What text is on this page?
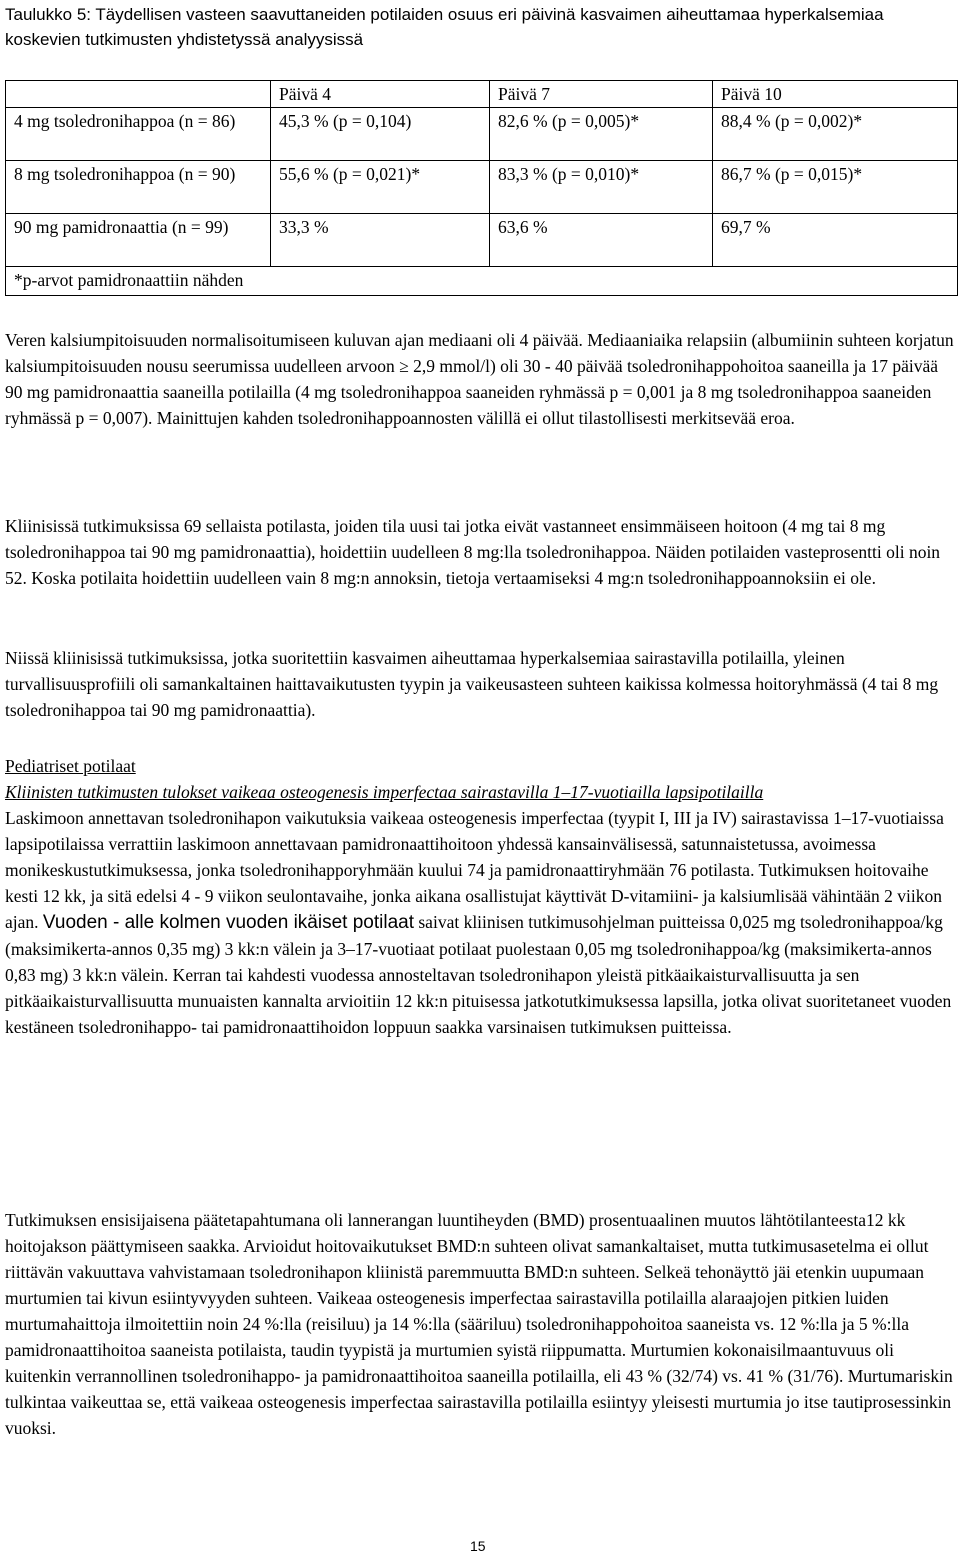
Taulukko 5: Täydellisen vasteen saavuttaneiden potilaiden osuus eri päivinä kasvaimen aiheuttamaa hyperkalsemiaa koskevien tutkimusten yhdistetyssä analyysissä
	Päivä 4	Päivä 7	Päivä 10
4 mg tsoledronihappoa (n = 86)	45,3 % (p = 0,104)	82,6 % (p = 0,005)*	88,4 % (p = 0,002)*
8 mg tsoledronihappoa (n = 90)	55,6 % (p = 0,021)*	83,3 % (p = 0,010)*	86,7 % (p = 0,015)*
90 mg pamidronaattia (n = 99)	33,3 %	63,6 %	69,7 %
*p-arvot pamidronaattiin nähden			
Veren kalsiumpitoisuuden normalisoitumiseen kuluvan ajan mediaani oli 4 päivää. Mediaaniaika relapsiin (albumiinin suhteen korjatun kalsiumpitoisuuden nousu seerumissa uudelleen arvoon ≥ 2,9 mmol/l) oli 30 - 40 päivää tsoledronihappohoitoa saaneilla ja 17 päivää 90 mg pamidronaattia saaneilla potilailla (4 mg tsoledronihappoa saaneiden ryhmässä p = 0,001 ja 8 mg tsoledronihappoa saaneiden ryhmässä p = 0,007). Mainittujen kahden tsoledronihappoannosten välillä ei ollut tilastollisesti merkitsevää eroa.
Kliinisissä tutkimuksissa 69 sellaista potilasta, joiden tila uusi tai jotka eivät vastanneet ensimmäiseen hoitoon (4 mg tai 8 mg tsoledronihappoa tai 90 mg pamidronaattia), hoidettiin uudelleen 8 mg:lla tsoledronihappoa. Näiden potilaiden vasteprosentti oli noin 52. Koska potilaita hoidettiin uudelleen vain 8 mg:n annoksin, tietoja vertaamiseksi 4 mg:n tsoledronihappoannoksiin ei ole.
Niissä kliinisissä tutkimuksissa, jotka suoritettiin kasvaimen aiheuttamaa hyperkalsemiaa sairastavilla potilailla, yleinen turvallisuusprofiili oli samankaltainen haittavaikutusten tyypin ja vaikeusasteen suhteen kaikissa kolmessa hoitoryhmässä (4 tai 8 mg tsoledronihappoa tai 90 mg pamidronaattia).
Pediatriset potilaat
Kliinisten tutkimusten tulokset vaikeaa osteogenesis imperfectaa sairastavilla 1–17-vuotiailla lapsipotilailla
Laskimoon annettavan tsoledronihapon vaikutuksia vaikeaa osteogenesis imperfectaa (tyypit I, III ja IV) sairastavissa 1–17-vuotiaissa lapsipotilaissa verrattiin laskimoon annettavaan pamidronaattihoitoon yhdessä kansainvälisessä, satunnaistetussa, avoimessa monikeskustutkimuksessa, jonka tsoledronihapporyhmään kuului 74 ja pamidronaattiryhmään 76 potilasta. Tutkimuksen hoitovaihe kesti 12 kk, ja sitä edelsi 4 - 9 viikon seulontavaihe, jonka aikana osallistujat käyttivät D-vitamiini- ja kalsiumlisää vähintään 2 viikon ajan. Vuoden - alle kolmen vuoden ikäiset potilaat saivat kliinisen tutkimusohjelman puitteissa 0,025 mg tsoledronihappoa/kg (maksimikerta-annos 0,35 mg) 3 kk:n välein ja 3–17-vuotiaat potilaat puolestaan 0,05 mg tsoledronihappoa/kg (maksimikerta-annos 0,83 mg) 3 kk:n välein. Kerran tai kahdesti vuodessa annosteltavan tsoledronihapon yleistä pitkäaikaisturvallisuutta ja sen pitkäaikaisturvallisuutta munuaisten kannalta arvioitiin 12 kk:n pituisessa jatkotutkimuksessa lapsilla, jotka olivat suoritetaneet vuoden kestäneen tsoledronihappo- tai pamidronaattihoidon loppuun saakka varsinaisen tutkimuksen puitteissa.
Tutkimuksen ensisijaisena päätetapahtumana oli lannerangan luuntiheyden (BMD) prosentuaalinen muutos lähtötilanteesta12 kk hoitojakson päättymiseen saakka. Arvioidut hoitovaikutukset BMD:n suhteen olivat samankaltaiset, mutta tutkimusasetelma ei ollut riittävän vakuuttava vahvistamaan tsoledronihapon kliinistä paremmuutta BMD:n suhteen. Selkeä tehonäyttö jäi etenkin uupumaan murtumien tai kivun esiintyvyyden suhteen. Vaikeaa osteogenesis imperfectaa sairastavilla potilailla alaraajojen pitkien luiden murtumahaittoja ilmoitettiin noin 24 %:lla (reisiluu) ja 14 %:lla (sääriluu) tsoledronihappohoitoa saaneista vs. 12 %:lla ja 5 %:lla pamidronaattihoitoa saaneista potilaista, taudin tyypistä ja murtumien syistä riippumatta. Murtumien kokonaisilmaantuvuus oli kuitenkin verrannollinen tsoledronihappo- ja pamidronaattihoitoa saaneilla potilailla, eli 43 % (32/74) vs. 41 % (31/76). Murtumariskin tulkintaa vaikeuttaa se, että vaikeaa osteogenesis imperfectaa sairastavilla potilailla esiintyy yleisesti murtumia jo itse tautiprosessinkin vuoksi.
15
